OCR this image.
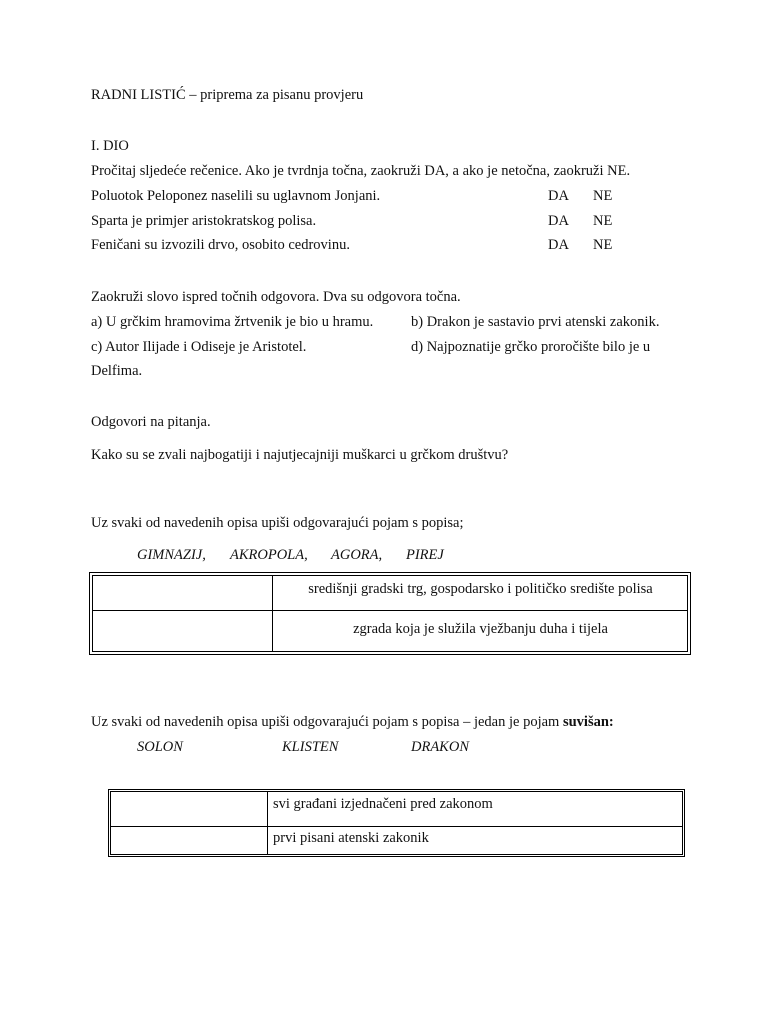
RADNI LISTIĆ – priprema za pisanu provjeru
I. DIO
Pročitaj sljedeće rečenice. Ako je tvrdnja točna, zaokruži DA, a ako je netočna, zaokruži NE.
Poluotok Peloponez naselili su uglavnom Jonjani.	DA NE
Sparta je primjer aristokratskog polisa.	DA NE
Feničani su izvozili drvo, osobito cedrovinu.	DA NE
Zaokruži slovo ispred točnih odgovora. Dva su odgovora točna.
a) U grčkim hramovima žrtvenik je bio u hramu.	b) Drakon je sastavio prvi atenski zakonik.
c) Autor Ilijade i Odiseje je Aristotel.	d) Najpoznatije grčko proročište bilo je u
Delfima.
Odgovori na pitanja.
Kako su se zvali najbogatiji i najutjecajniji muškarci u grčkom društvu?
Uz svaki od navedenih opisa upiši odgovarajući pojam s popisa;
GIMNAZIJ, AKROPOLA, AGORA, PIREJ
središnji gradski trg, gospodarsko i političko središte polisa
zgrada koja je služila vježbanju duha i tijela
Uz svaki od navedenih opisa upiši odgovarajući pojam s popisa – jedan je pojam suvišan:
SOLON	KLISTEN	DRAKON
svi građani izjednačeni pred zakonom
prvi pisani atenski zakonik
